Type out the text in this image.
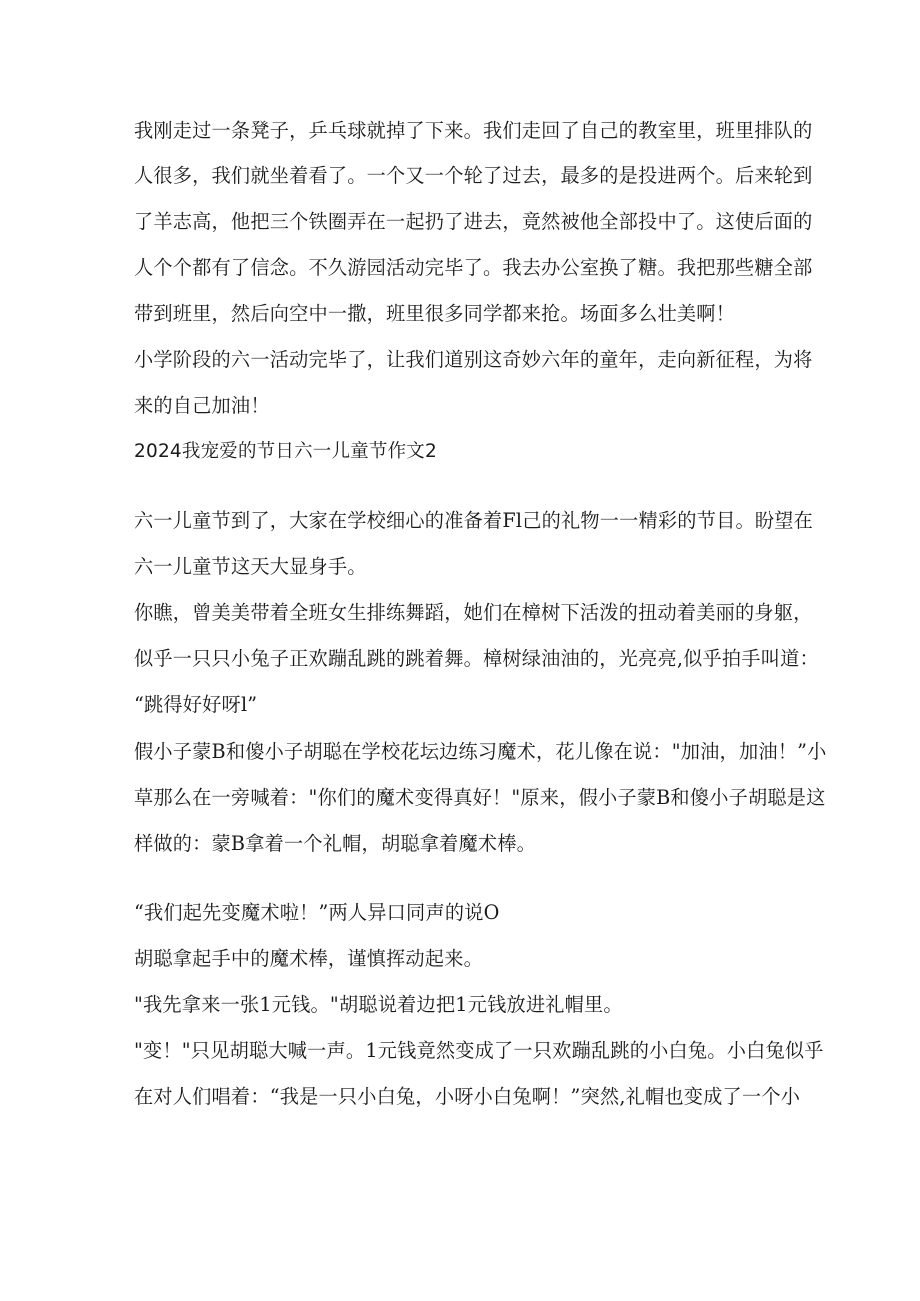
我刚走过一条凳子，乒乓球就掉了下来。我们走回了自己的教室里，班里排队的
人很多，我们就坐着看了。一个又一个轮了过去，最多的是投进两个。后来轮到
了羊志高，他把三个铁圈弄在一起扔了进去，竟然被他全部投中了。这使后面的
人个个都有了信念。不久游园活动完毕了。我去办公室换了糖。我把那些糖全部
带到班里，然后向空中一撒，班里很多同学都来抢。场面多么壮美啊！
小学阶段的六一活动完毕了，让我们道别这奇妙六年的童年，走向新征程，为将
来的自己加油！
2024我宠爱的节日六一儿童节作文2
六一儿童节到了，大家在学校细心的准备着Fl己的礼物一一精彩的节目。盼望在
六一儿童节这天大显身手。
你瞧，曾美美带着全班女生排练舞蹈，她们在樟树下活泼的扭动着美丽的身躯，
似乎一只只小兔子正欢蹦乱跳的跳着舞。樟树绿油油的，光亮亮,似乎拍手叫道：
“跳得好好呀l”
假小子蒙B和傻小子胡聪在学校花坛边练习魔术，花儿像在说："加油，加油！”小
草那么在一旁喊着："你们的魔术变得真好！"原来，假小子蒙B和傻小子胡聪是这
样做的：蒙B拿着一个礼帽，胡聪拿着魔术棒。
“我们起先变魔术啦！”两人异口同声的说O
胡聪拿起手中的魔术棒，谨慎挥动起来。
"我先拿来一张1元钱。"胡聪说着边把1元钱放进礼帽里。
"变！"只见胡聪大喊一声。1元钱竟然变成了一只欢蹦乱跳的小白兔。小白兔似乎
在对人们唱着：“我是一只小白兔，小呀小白兔啊！”突然,礼帽也变成了一个小
